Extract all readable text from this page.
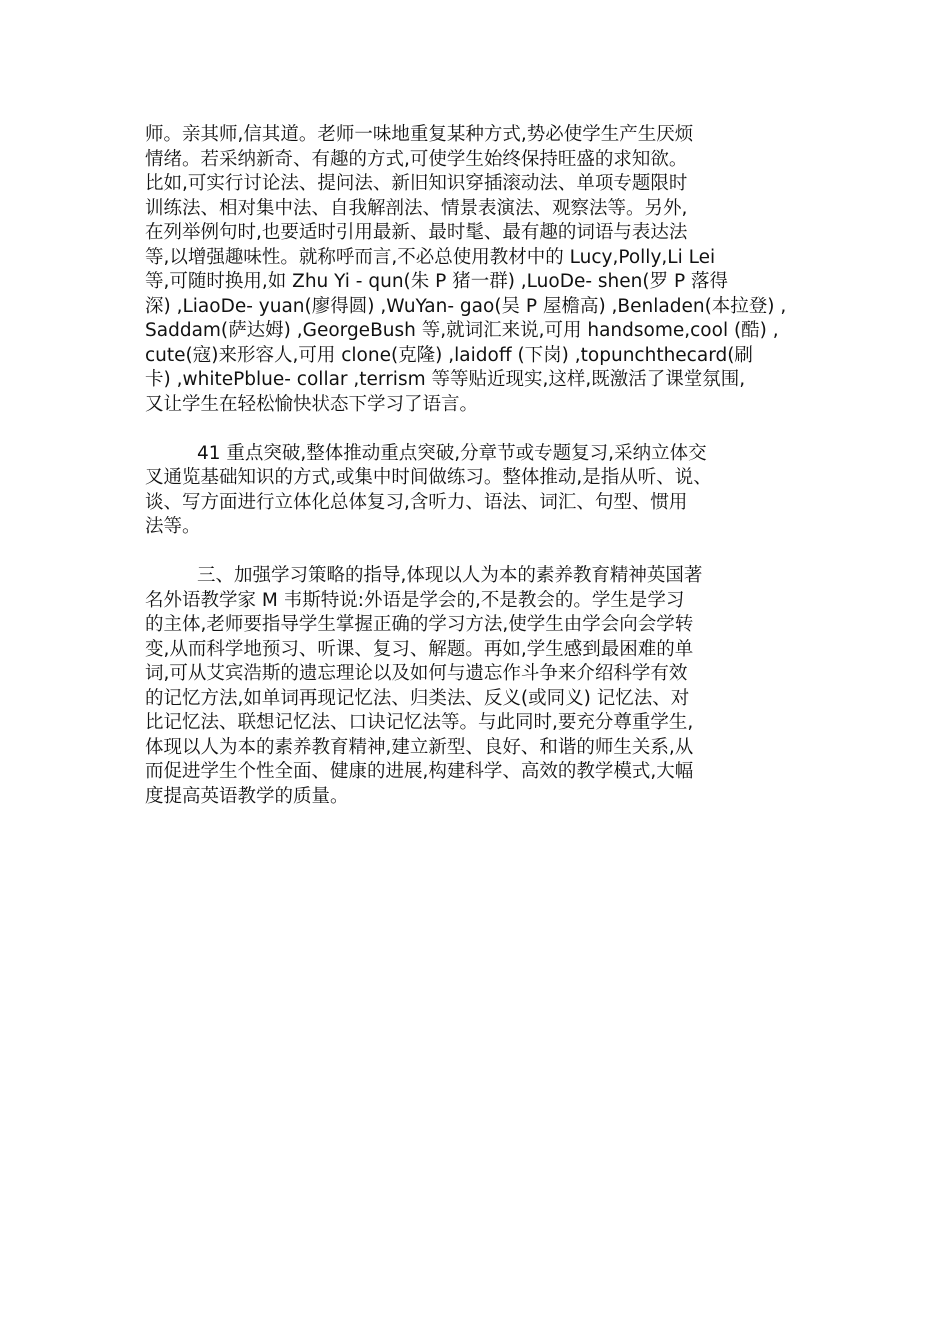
师。亲其师,信其道。老师一味地重复某种方式,势必使学生产生厌烦
情绪。若采纳新奇、有趣的方式,可使学生始终保持旺盛的求知欲。
比如,可实行讨论法、提问法、新旧知识穿插滚动法、单项专题限时
训练法、相对集中法、自我解剖法、情景表演法、观察法等。另外,
在列举例句时,也要适时引用最新、最时髦、最有趣的词语与表达法
等,以增强趣味性。就称呼而言,不必总使用教材中的 Lucy,Polly,Li Lei
等,可随时换用,如 Zhu Yi - qun(朱 P 猪一群) ,LuoDe- shen(罗 P 落得
深) ,LiaoDe- yuan(廖得圆) ,WuYan- gao(吴 P 屋檐高) ,Benladen(本拉登) ,
Saddam(萨达姆) ,GeorgeBush 等,就词汇来说,可用 handsome,cool (酷) ,
cute(寇)来形容人,可用 clone(克隆) ,laidoff (下岗) ,topunchthecard(刷
卡) ,whitePblue- collar ,terrism 等等贴近现实,这样,既激活了课堂氛围,
又让学生在轻松愉快状态下学习了语言。
41 重点突破,整体推动重点突破,分章节或专题复习,采纳立体交
叉通览基础知识的方式,或集中时间做练习。整体推动,是指从听、说、
谈、写方面进行立体化总体复习,含听力、语法、词汇、句型、惯用
法等。
三、加强学习策略的指导,体现以人为本的素养教育精神英国著
名外语教学家 M 韦斯特说:外语是学会的,不是教会的。学生是学习
的主体,老师要指导学生掌握正确的学习方法,使学生由学会向会学转
变,从而科学地预习、听课、复习、解题。再如,学生感到最困难的单
词,可从艾宾浩斯的遗忘理论以及如何与遗忘作斗争来介绍科学有效
的记忆方法,如单词再现记忆法、归类法、反义(或同义) 记忆法、对
比记忆法、联想记忆法、口诀记忆法等。与此同时,要充分尊重学生,
体现以人为本的素养教育精神,建立新型、良好、和谐的师生关系,从
而促进学生个性全面、健康的进展,构建科学、高效的教学模式,大幅
度提高英语教学的质量。
